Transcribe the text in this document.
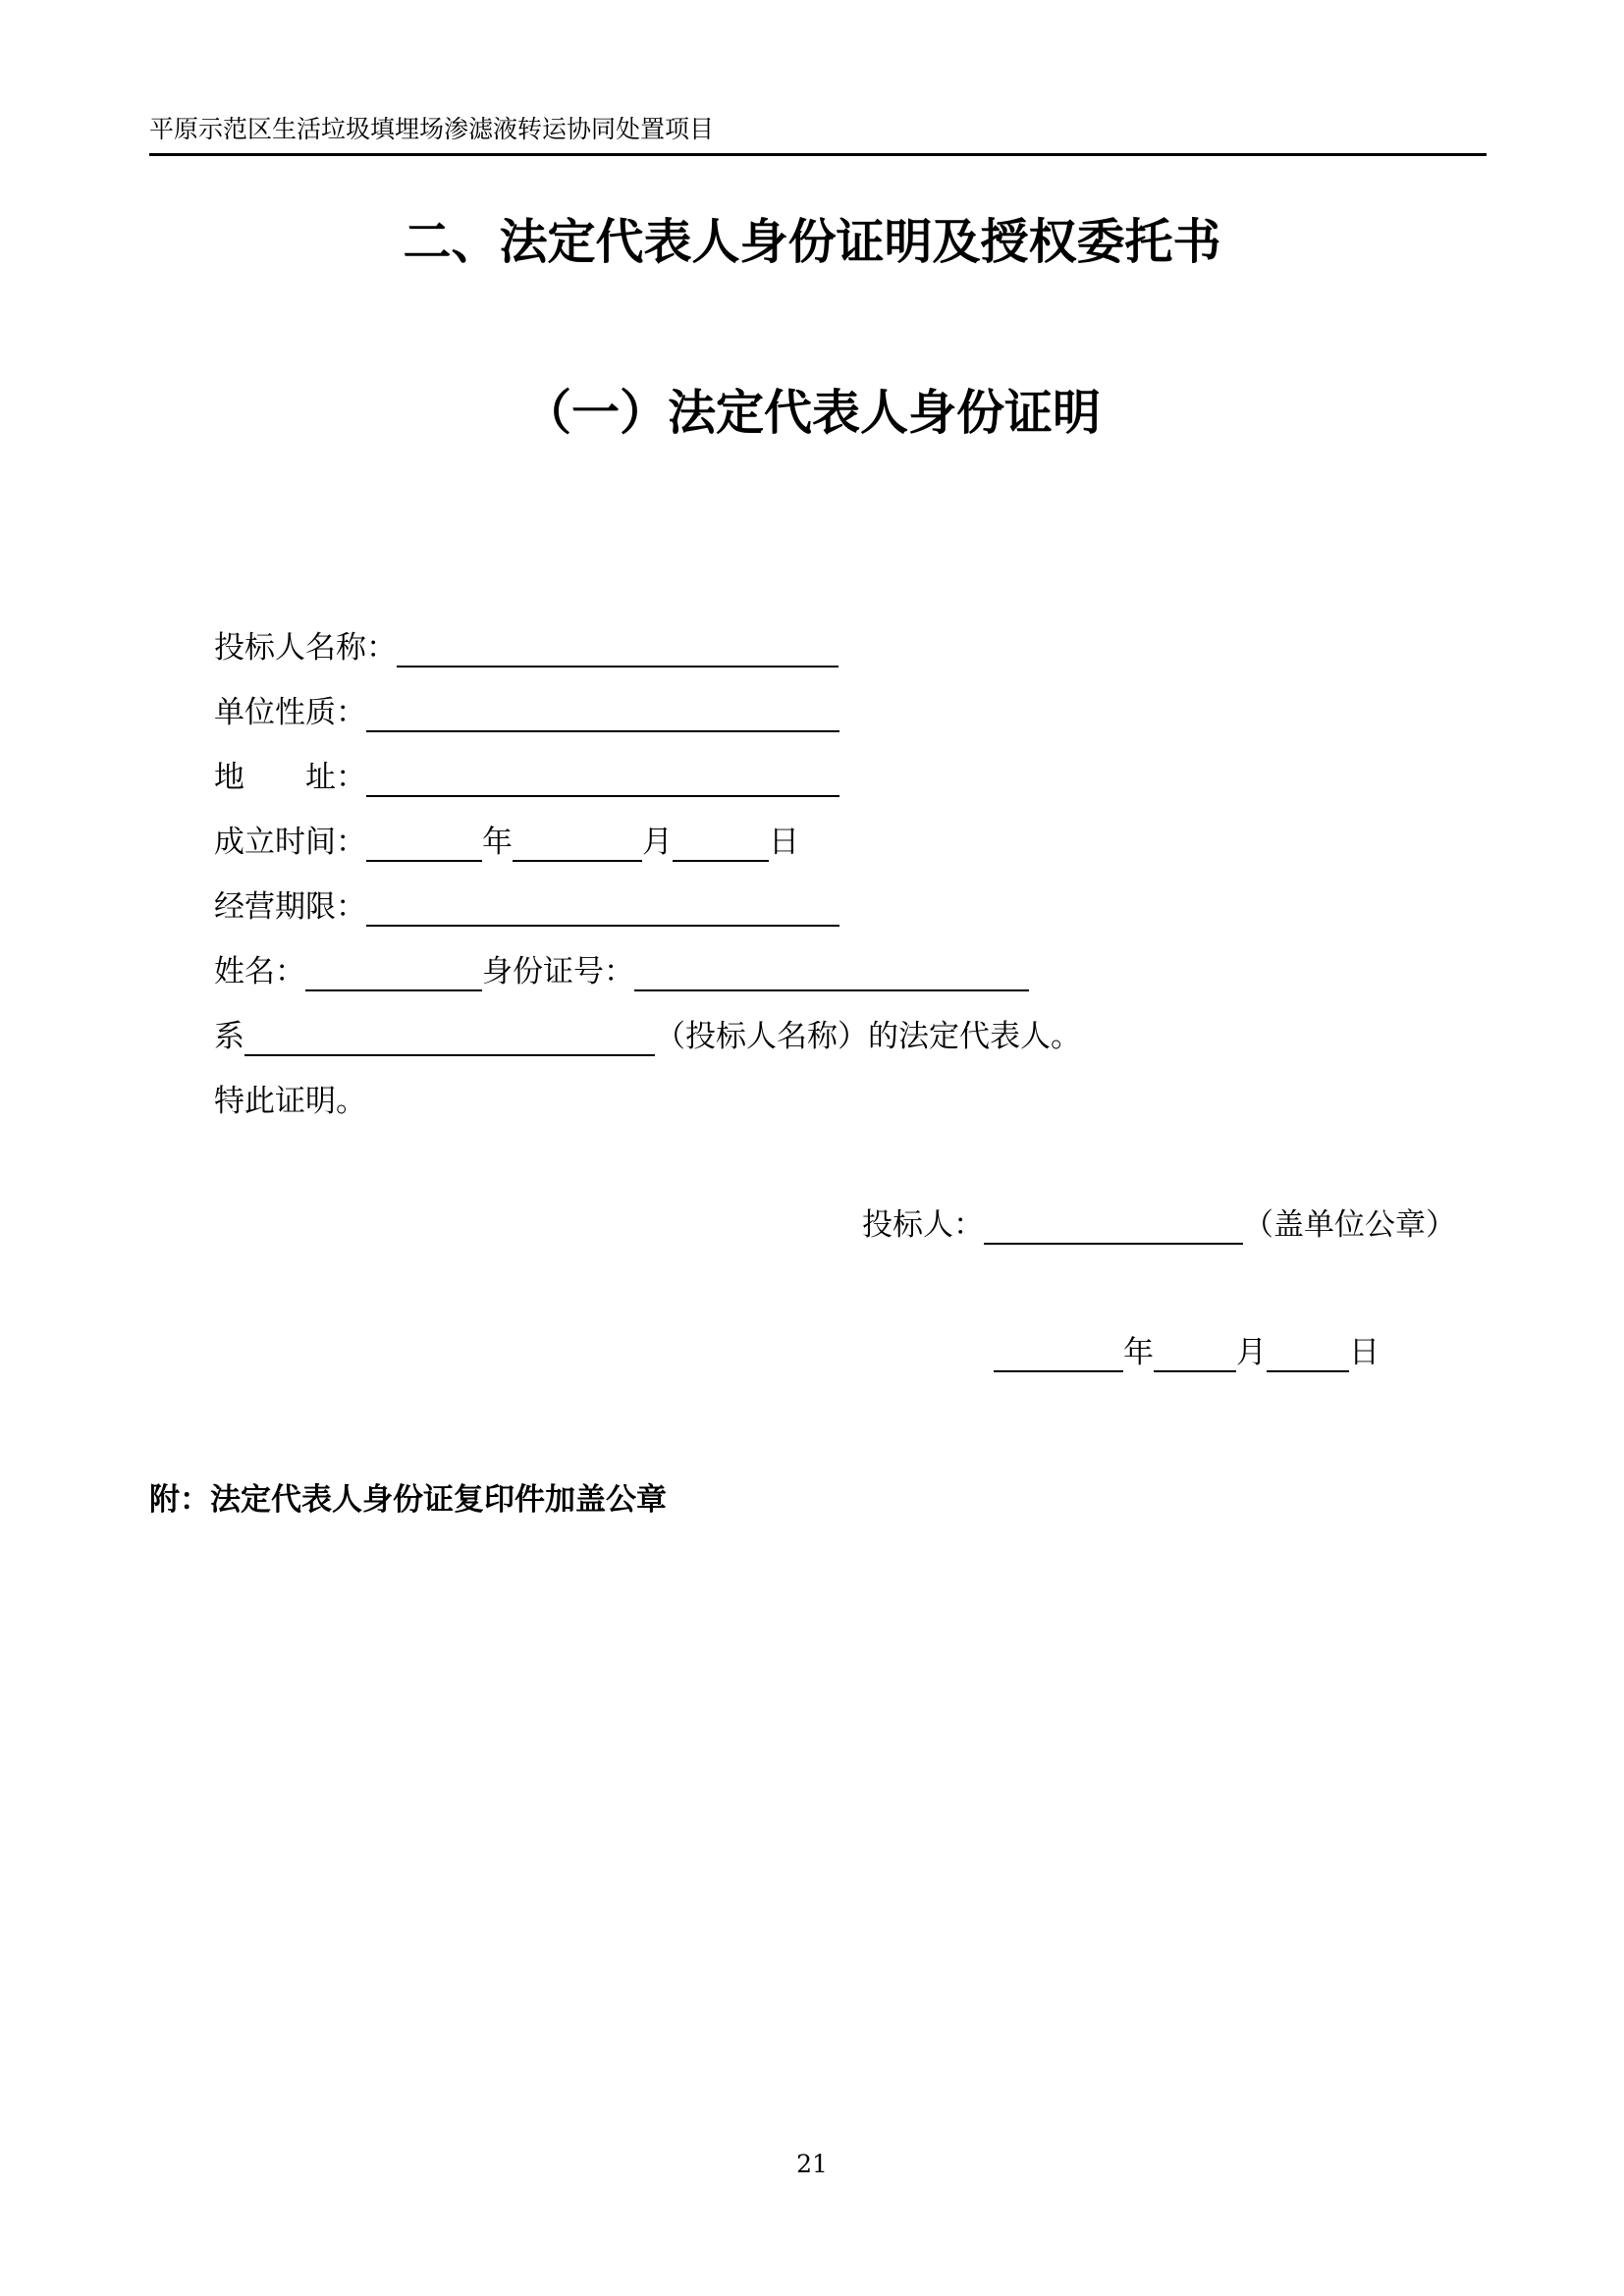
平原示范区生活垃圾填埋场渗滤液转运协同处置项目
二、法定代表人身份证明及授权委托书
（一）法定代表人身份证明
投标人名称：
单位性质：
地　　址：
成立时间：	年	月	日
经营期限：
姓名：	身份证号：
系	（投标人名称）的法定代表人。
特此证明。
投标人：	（盖单位公章）
年	月	日
附：法定代表人身份证复印件加盖公章
21
